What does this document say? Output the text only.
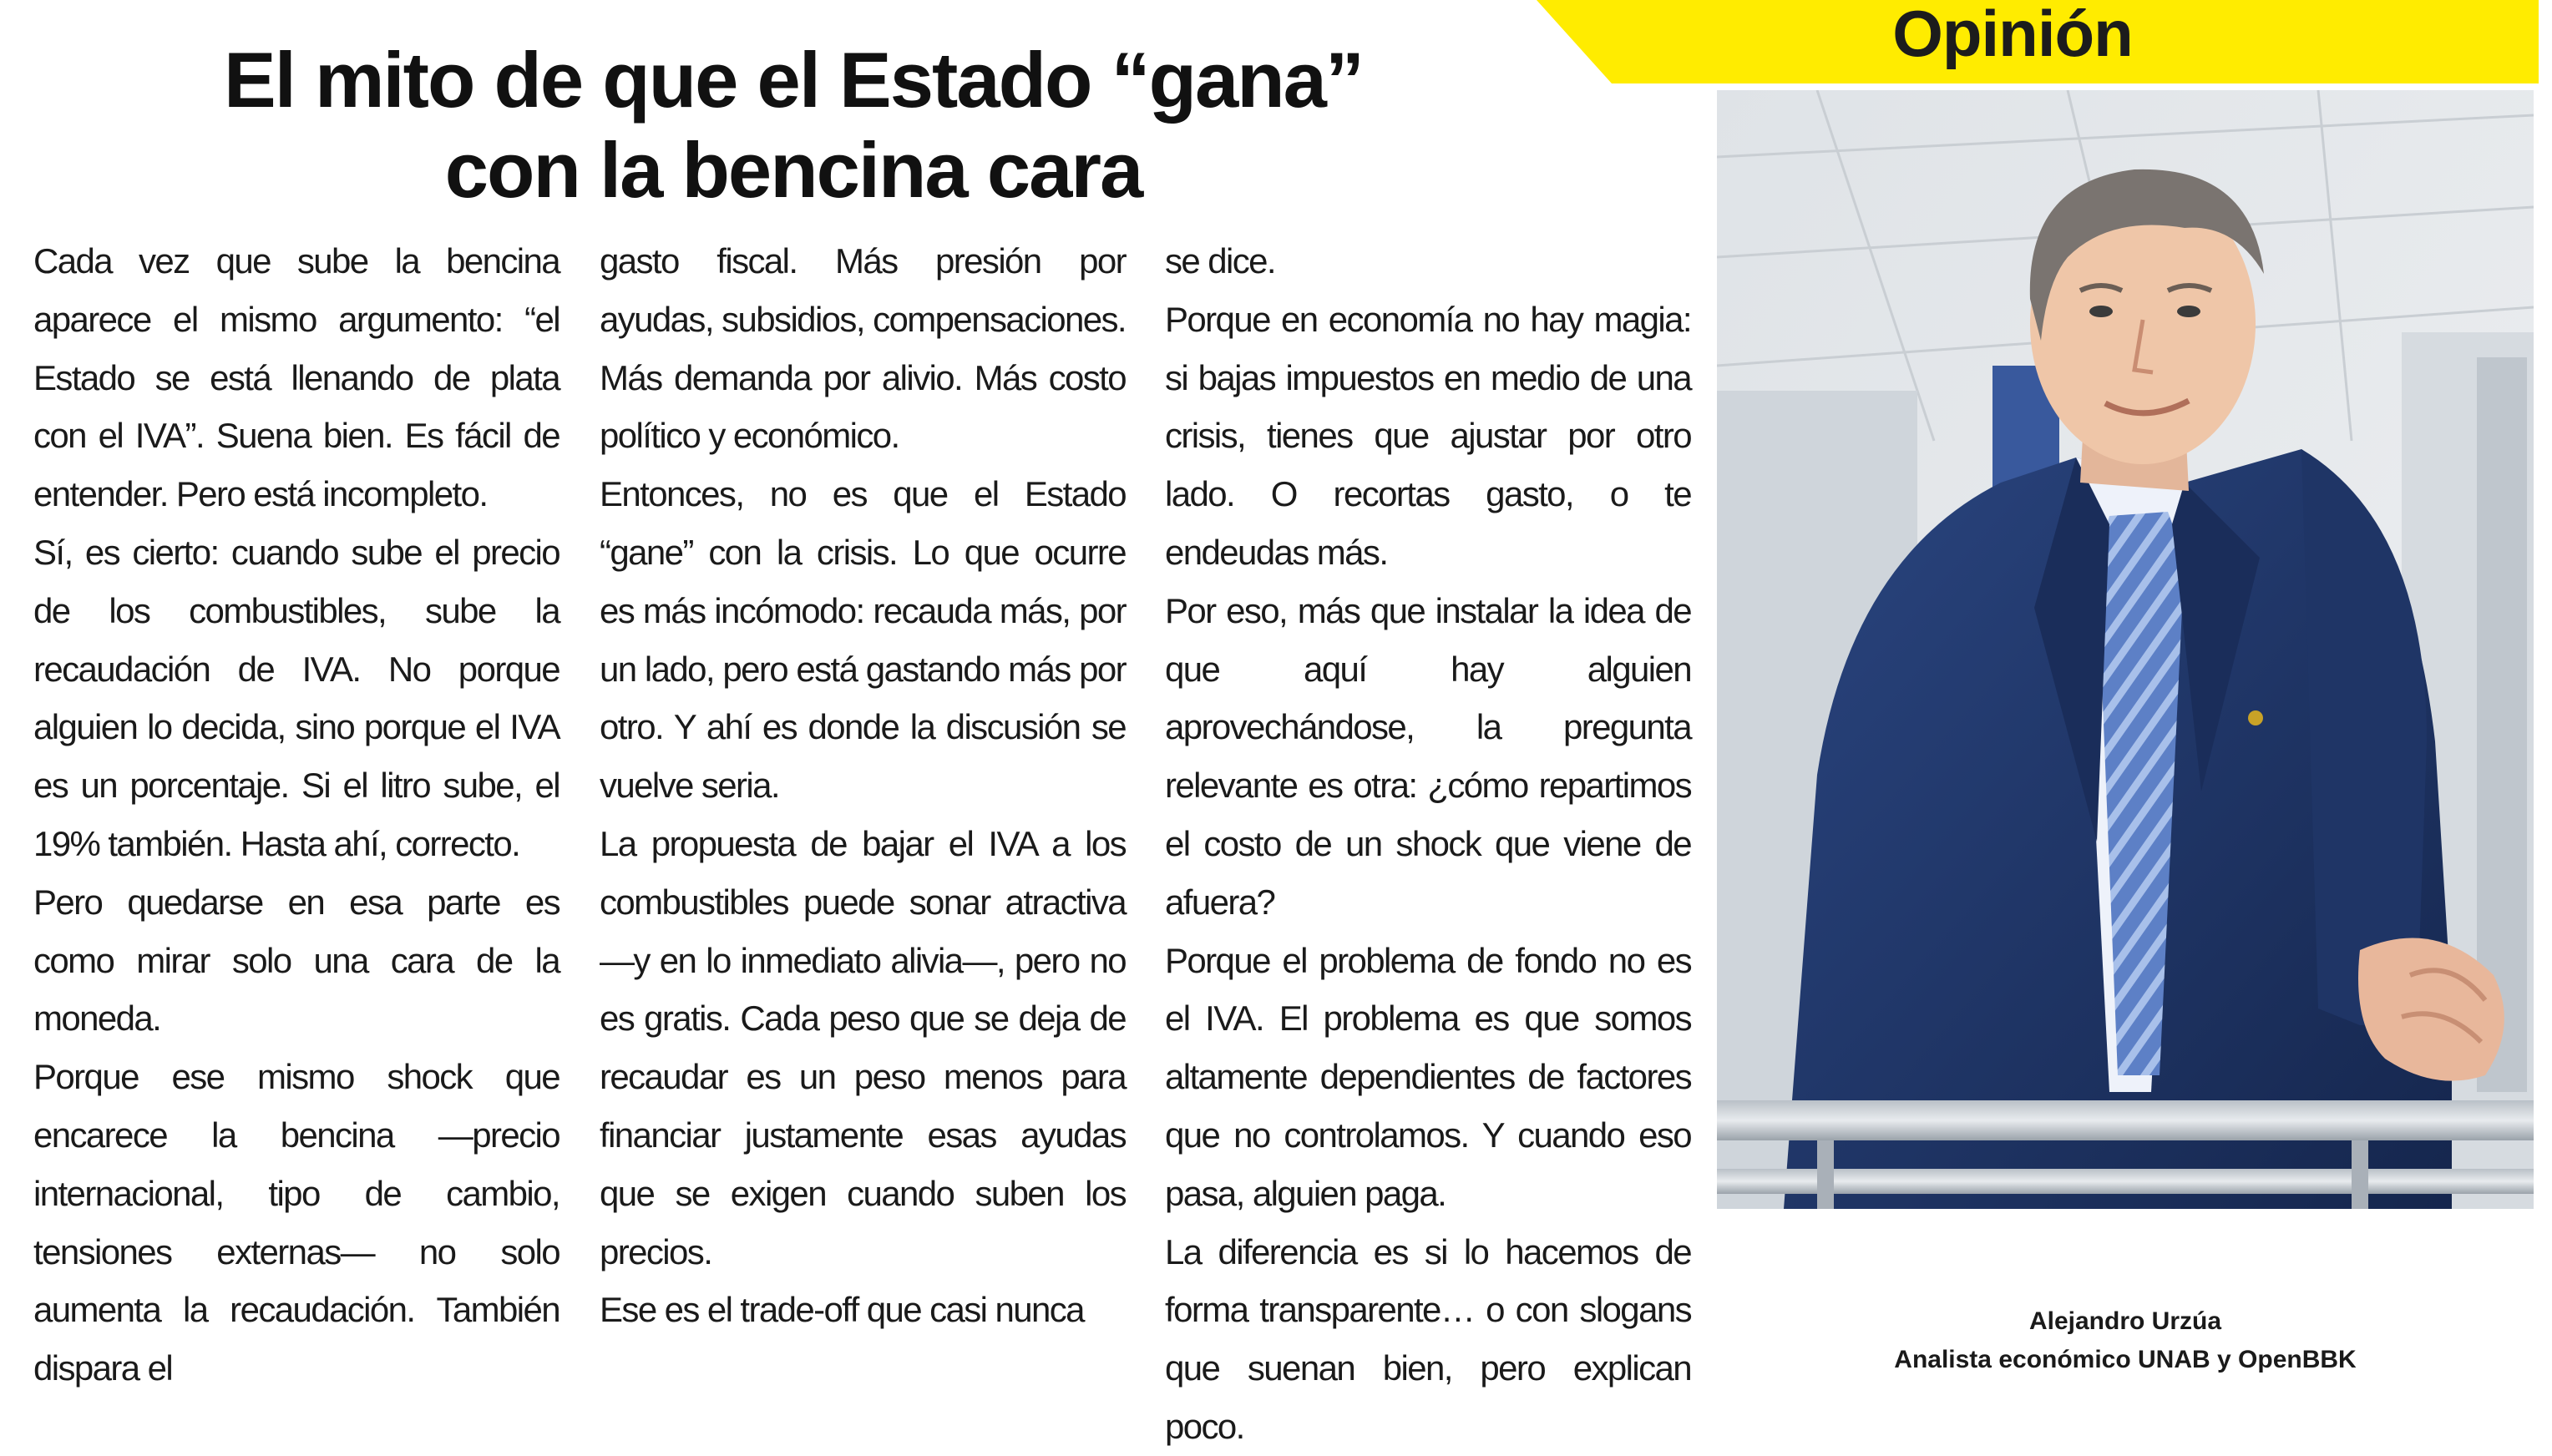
Opinión
El mito de que el Estado “gana”
con la bencina cara

Cada vez que sube la bencina aparece el mismo argumento: “el Estado se está llenando de plata con el IVA”. Suena bien. Es fácil de entender. Pero está incompleto.

Sí, es cierto: cuando sube el precio de los combustibles, sube la recaudación de IVA. No porque alguien lo decida, sino porque el IVA es un porcentaje. Si el litro sube, el 19% también. Hasta ahí, correcto.

Pero quedarse en esa parte es como mirar solo una cara de la moneda.

Porque ese mismo shock que encarece la bencina —precio internacional, tipo de cambio, tensiones externas— no solo aumenta la recaudación. También dispara el

gasto fiscal. Más presión por ayudas, subsidios, compensaciones. Más demanda por alivio. Más costo político y económico.

Entonces, no es que el Estado “gane” con la crisis. Lo que ocurre es más incómodo: recauda más, por un lado, pero está gastando más por otro. Y ahí es donde la discusión se vuelve seria.

La propuesta de bajar el IVA a los combustibles puede sonar atractiva —y en lo inmediato alivia—, pero no es gratis. Cada peso que se deja de recaudar es un peso menos para financiar justamente esas ayudas que se exigen cuando suben los precios.

Ese es el trade-off que casi nunca

se dice.

Porque en economía no hay magia: si bajas impuestos en medio de una crisis, tienes que ajustar por otro lado. O recortas gasto, o te endeudas más.

Por eso, más que instalar la idea de que aquí hay alguien aprovechándose, la pregunta relevante es otra: ¿cómo repartimos el costo de un shock que viene de afuera?

Porque el problema de fondo no es el IVA. El problema es que somos altamente dependientes de factores que no controlamos. Y cuando eso pasa, alguien paga.

La diferencia es si lo hacemos de forma transparente… o con slogans que suenan bien, pero explican poco.

Alejandro Urzúa
Analista económico UNAB y OpenBBK
